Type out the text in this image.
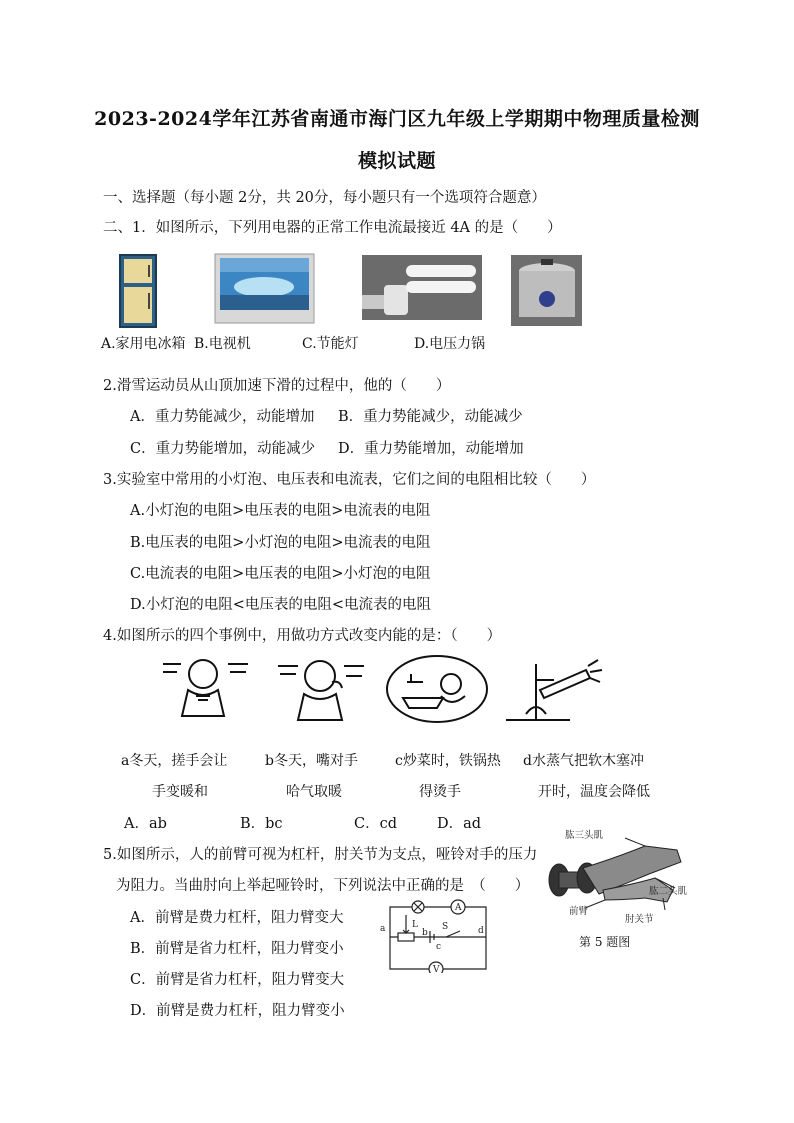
2023-2024学年江苏省南通市海门区九年级上学期期中物理质量检测
模拟试题
一、选择题（每小题 2分，共 20分，每小题只有一个选项符合题意）
二、1．如图所示，下列用电器的正常工作电流最接近 4A 的是（　　）
A.家用电冰箱 B.电视机	C.节能灯	D.电压力锅
2.滑雪运动员从山顶加速下滑的过程中，他的（　　）
A．重力势能减少，动能增加 B．重力势能减少，动能减少
C．重力势能增加，动能减少 D．重力势能增加，动能增加
3.实验室中常用的小灯泡、电压表和电流表，它们之间的电阻相比较（　　）
A.小灯泡的电阻>电压表的电阻>电流表的电阻
B.电压表的电阻>小灯泡的电阻>电流表的电阻
C.电流表的电阻>电压表的电阻>小灯泡的电阻
D.小灯泡的电阻<电压表的电阻<电流表的电阻
4.如图所示的四个事例中，用做功方式改变内能的是：（　　）
a冬天，搓手会让
手变暖和
b冬天，嘴对手
哈气取暖
c炒菜时，铁锅热
得烫手
d水蒸气把软木塞冲
开时，温度会降低
A．ab	B．bc	C．cd	D．ad
5.如图所示，人的前臂可视为杠杆，肘关节为支点，哑铃对手的压力
为阻力。当曲肘向上举起哑铃时，下列说法中正确的是　（　　）
A．前臂是费力杠杆，阻力臂变大
B．前臂是省力杠杆，阻力臂变小
C．前臂是省力杠杆，阻力臂变大
D．前臂是费力杠杆，阻力臂变小
a	L
b
c
S	d
A
V
肱三头肌
肱二头肌
前臂
肘关节
第 5 题图
